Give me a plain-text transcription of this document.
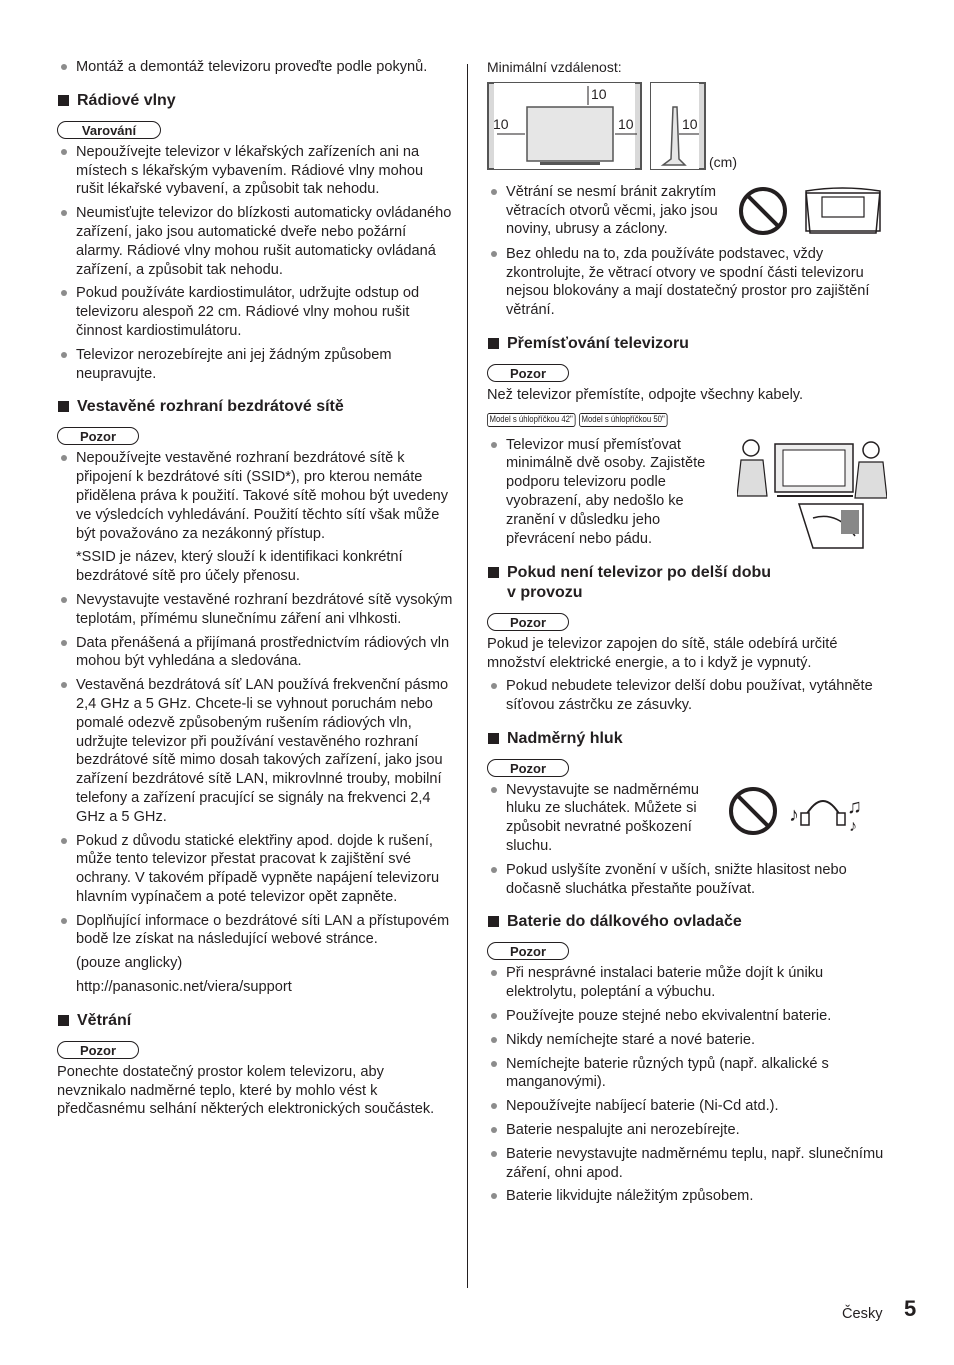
Montáž a demontáž televizoru proveďte podle pokynů.

Rádiové vlny
Varování

Nepoužívejte televizor v lékařských zařízeních ani na místech s lékařským vybavením. Rádiové vlny mohou rušit lékařské vybavení, a způsobit tak nehodu.

Neumisťujte televizor do blízkosti automaticky ovládaného zařízení, jako jsou automatické dveře nebo požární alarmy. Rádiové vlny mohou rušit automaticky ovládaná zařízení, a způsobit tak nehodu.

Pokud používáte kardiostimulátor, udržujte odstup od televizoru alespoň 22 cm. Rádiové vlny mohou rušit činnost kardiostimulátoru.

Televizor nerozebírejte ani jej žádným způsobem neupravujte.

Vestavěné rozhraní bezdrátové sítě
Pozor

Nepoužívejte vestavěné rozhraní bezdrátové sítě k připojení k bezdrátové síti (SSID*), pro kterou nemáte přidělena práva k použití. Takové sítě mohou být uvedeny ve výsledcích vyhledávání. Použití těchto sítí však může být považováno za nezákonný přístup.

*SSID je název, který slouží k identifikaci konkrétní bezdrátové sítě pro účely přenosu.

Nevystavujte vestavěné rozhraní bezdrátové sítě vysokým teplotám, přímému slunečnímu záření ani vlhkosti.

Data přenášená a přijímaná prostřednictvím rádiových vln mohou být vyhledána a sledována.

Vestavěná bezdrátová síť LAN používá frekvenční pásmo 2,4 GHz a 5 GHz. Chcete-li se vyhnout poruchám nebo pomalé odezvě způsobeným rušením rádiových vln, udržujte televizor při používání vestavěného rozhraní bezdrátové sítě mimo dosah takových zařízení, jako jsou zařízení bezdrátové sítě LAN, mikrovlnné trouby, mobilní telefony a zařízení pracující se signály na frekvenci 2,4 GHz a 5 GHz.

Pokud z důvodu statické elektřiny apod. dojde k rušení, může tento televizor přestat pracovat k zajištění své ochrany. V takovém případě vypněte napájení televizoru hlavním vypínačem a poté televizor opět zapněte.

Doplňující informace o bezdrátové síti LAN a přístupovém bodě lze získat na následující webové stránce.

(pouze anglicky)

http://panasonic.net/viera/support

Větrání
Pozor

Ponechte dostatečný prostor kolem televizoru, aby nevznikalo nadměrné teplo, které by mohlo vést k předčasnému selhání některých elektronických součástek.

Minimální vzdálenost:

10
10	10	10
(cm)

Větrání se nesmí bránit zakrytím větracích otvorů věcmi, jako jsou noviny, ubrusy a záclony.

Bez ohledu na to, zda používáte podstavec, vždy zkontrolujte, že větrací otvory ve spodní části televizoru nejsou blokovány a mají dostatečný prostor pro zajištění větrání.

Přemísťování televizoru
Pozor

Než televizor přemístíte, odpojte všechny kabely.

Model s úhlopříčkou 42" Model s úhlopříčkou 50"

Televizor musí přemísťovat minimálně dvě osoby. Zajistěte podporu televizoru podle vyobrazení, aby nedošlo ke zranění v důsledku jeho převrácení nebo pádu.

Pokud není televizor po delší dobu
v provozu
Pozor

Pokud je televizor zapojen do sítě, stále odebírá určité množství elektrické energie, a to i když je vypnutý.

Pokud nebudete televizor delší dobu používat, vytáhněte síťovou zástrčku ze zásuvky.

Nadměrný hluk
Pozor

Nevystavujte se nadměrnému hluku ze sluchátek. Můžete si způsobit nevratné poškození sluchu.

♪ ♫
♪

Pokud uslyšíte zvonění v uších, snižte hlasitost nebo dočasně sluchátka přestaňte používat.

Baterie do dálkového ovladače
Pozor

Při nesprávné instalaci baterie může dojít k úniku elektrolytu, poleptání a výbuchu.

Používejte pouze stejné nebo ekvivalentní baterie.

Nikdy nemíchejte staré a nové baterie.

Nemíchejte baterie různých typů (např. alkalické s manganovými).

Nepoužívejte nabíjecí baterie (Ni-Cd atd.).

Baterie nespalujte ani nerozebírejte.

Baterie nevystavujte nadměrnému teplu, např. slunečnímu záření, ohni apod.

Baterie likvidujte náležitým způsobem.

Česky 5
